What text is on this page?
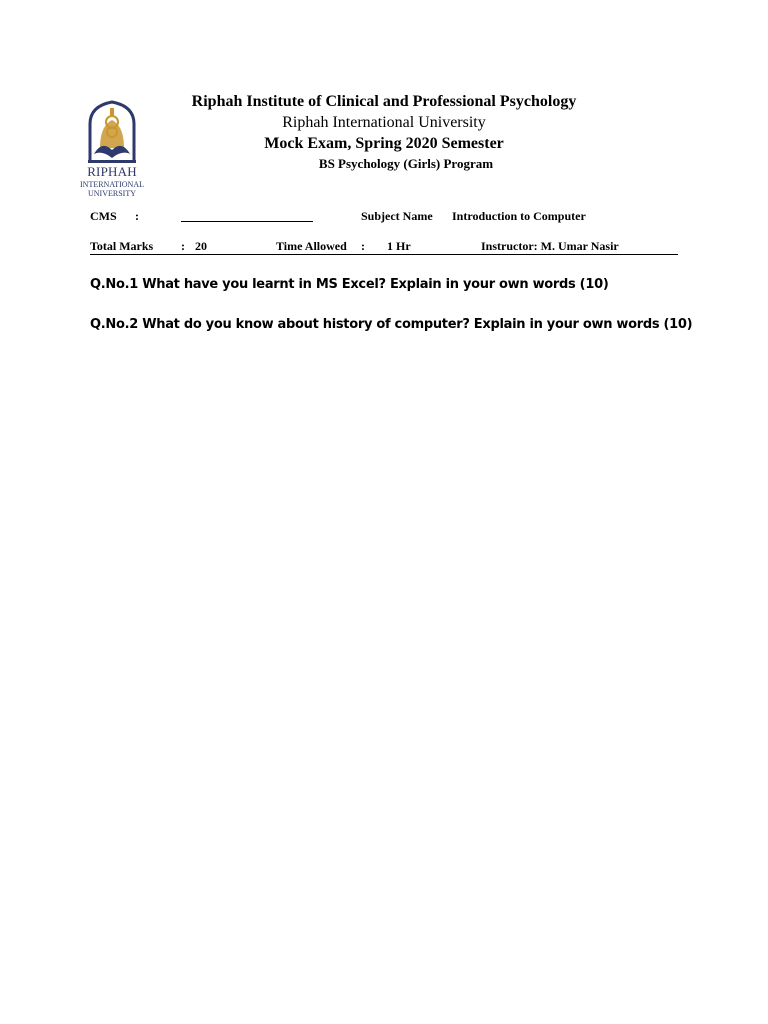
RIPHAH
INTERNATIONAL
UNIVERSITY
Riphah Institute of Clinical and Professional Psychology
Riphah International University
Mock Exam, Spring 2020 Semester
BS Psychology (Girls) Program
CMS :	Subject Name Introduction to Computer
Total Marks : 20	Time Allowed : 1 Hr	Instructor: M. Umar Nasir
Q.No.1 What have you learnt in MS Excel? Explain in your own words (10)
Q.No.2 What do you know about history of computer? Explain in your own words (10)
